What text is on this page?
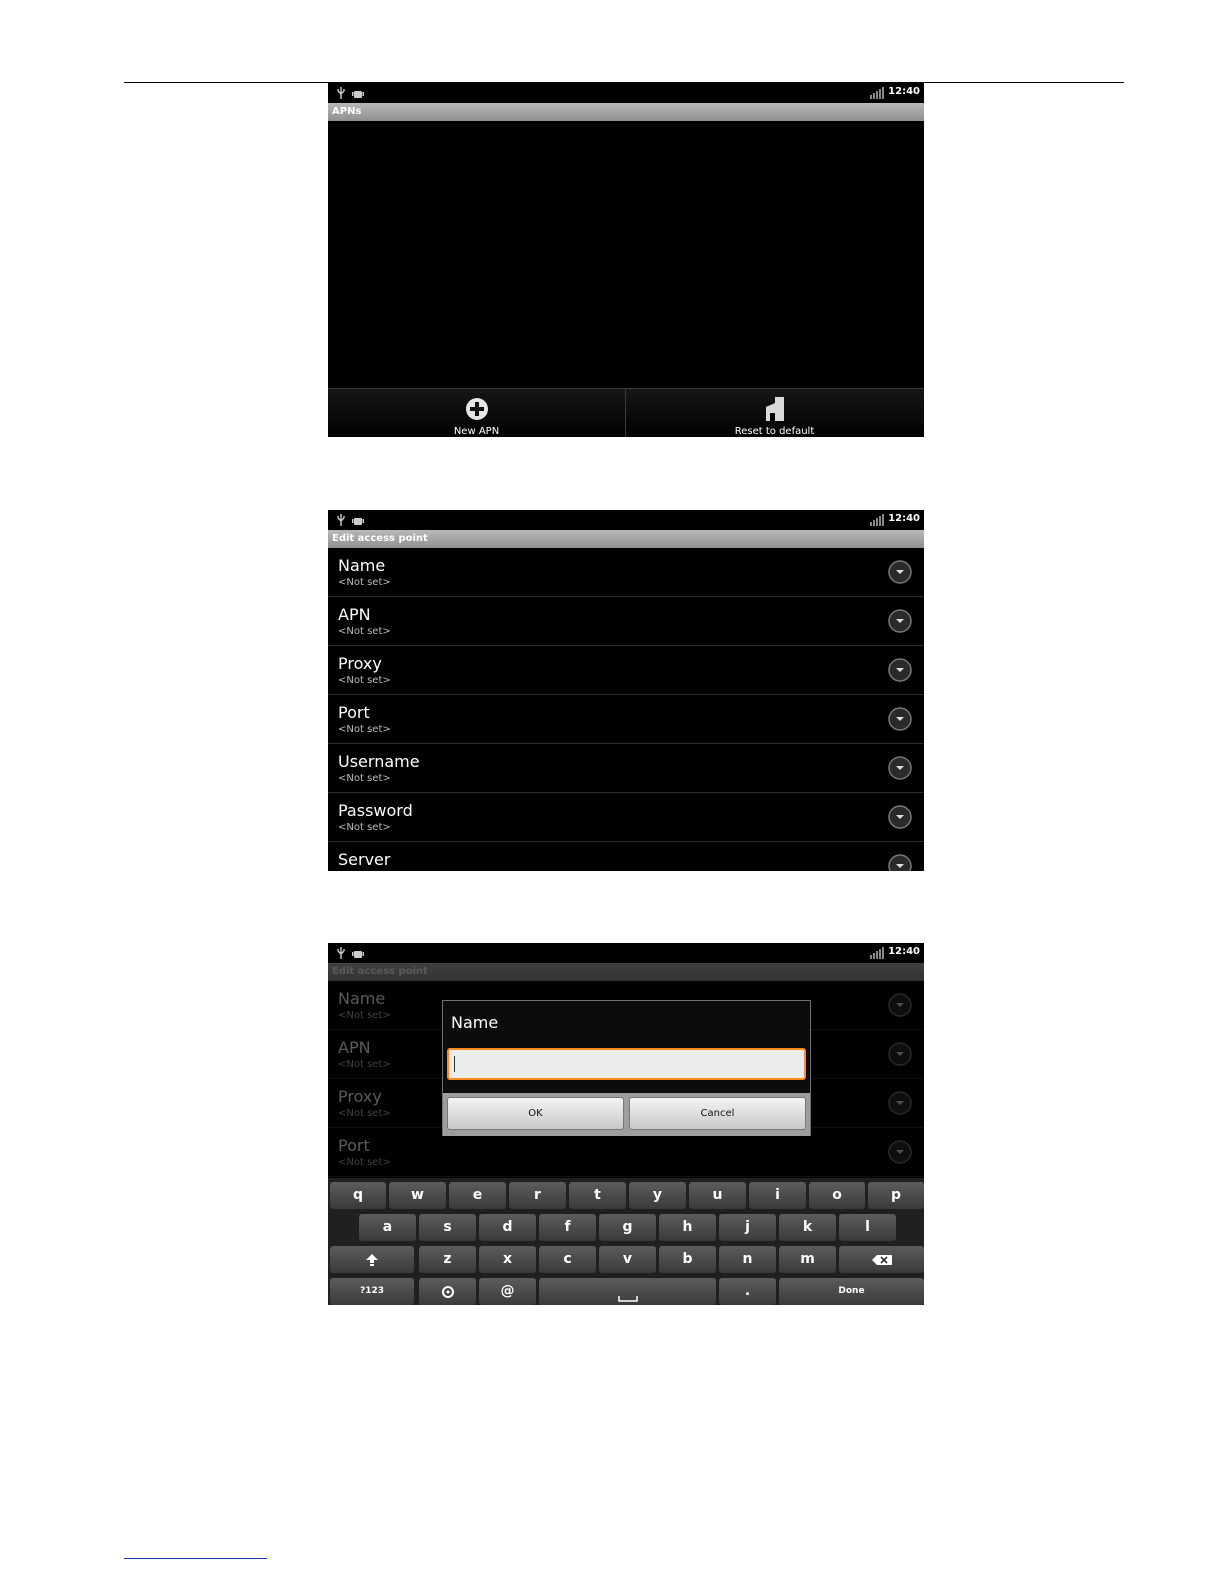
12:40
APNs
New APN	Reset to default
12:40
Edit access point
Name
<Not set>
APN
<Not set>
Proxy
<Not set>
Port
<Not set>
Username
<Not set>
Password
<Not set>
Server
12:40
Edit access point
Name
<Not set>
APN
<Not set>
Proxy
<Not set>
Port
<Not set>
Name
OK	Cancel
q	w	e	r	t	y	u	i	o	p
a	s	d	f	g	h	j	k	l
z	x	c	v	b	n	m
?123	@	.	Done
